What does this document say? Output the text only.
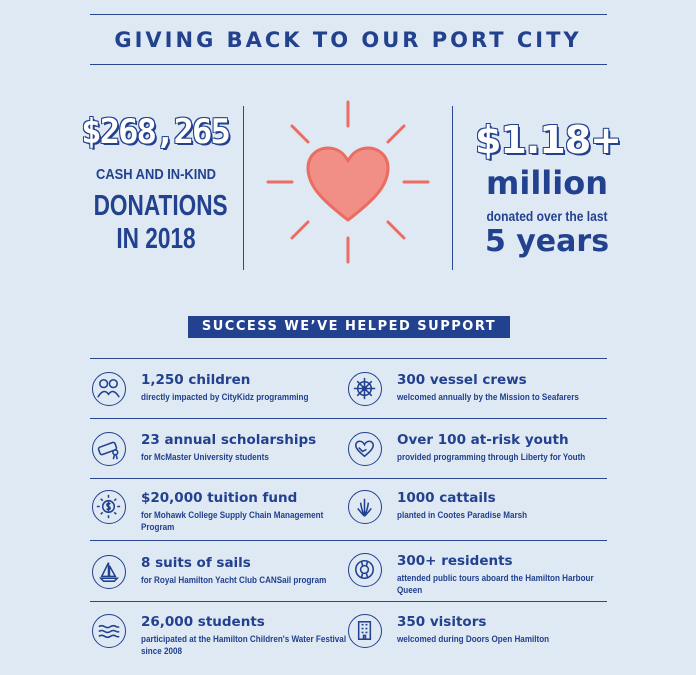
GIVING BACK TO OUR PORT CITY
$268,265
CASH AND IN-KIND
DONATIONS
IN 2018
$1.18+
million
donated over the last
5 years
SUCCESS WE’VE HELPED SUPPORT
1,250 children
directly impacted by CityKidz programming
23 annual scholarships
for McMaster University students
$20,000 tuition fund
for Mohawk College Supply Chain Management Program
8 suits of sails
for Royal Hamilton Yacht Club CANSail program
26,000 students
participated at the Hamilton Children's Water Festival since 2008
300 vessel crews
welcomed annually by the Mission to Seafarers
Over 100 at-risk youth
provided programming through Liberty for Youth
1000 cattails
planted in Cootes Paradise Marsh
300+ residents
attended public tours aboard the Hamilton Harbour Queen
350 visitors
welcomed during Doors Open Hamilton
